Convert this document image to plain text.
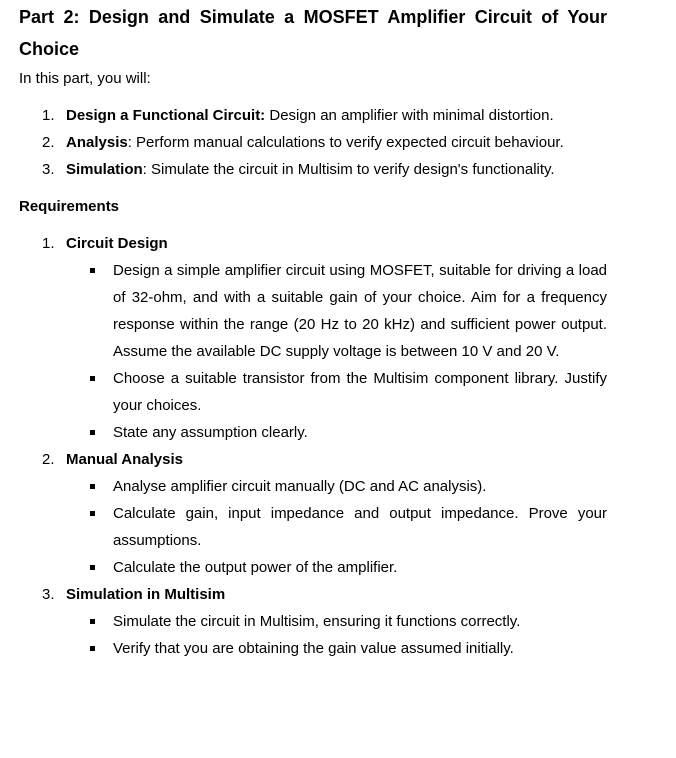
Part 2: Design and Simulate a MOSFET Amplifier Circuit of Your Choice

In this part, you will:

1. Design a Functional Circuit: Design an amplifier with minimal distortion.
2. Analysis: Perform manual calculations to verify expected circuit behaviour.
3. Simulation: Simulate the circuit in Multisim to verify design's functionality.
Requirements
1. Circuit Design
Design a simple amplifier circuit using MOSFET, suitable for driving a load of 32-ohm, and with a suitable gain of your choice. Aim for a frequency response within the range (20 Hz to 20 kHz) and sufficient power output. Assume the available DC supply voltage is between 10 V and 20 V.
Choose a suitable transistor from the Multisim component library. Justify your choices.
State any assumption clearly.
2. Manual Analysis
Analyse amplifier circuit manually (DC and AC analysis).
Calculate gain, input impedance and output impedance. Prove your assumptions.
Calculate the output power of the amplifier.
3. Simulation in Multisim
Simulate the circuit in Multisim, ensuring it functions correctly.
Verify that you are obtaining the gain value assumed initially.
